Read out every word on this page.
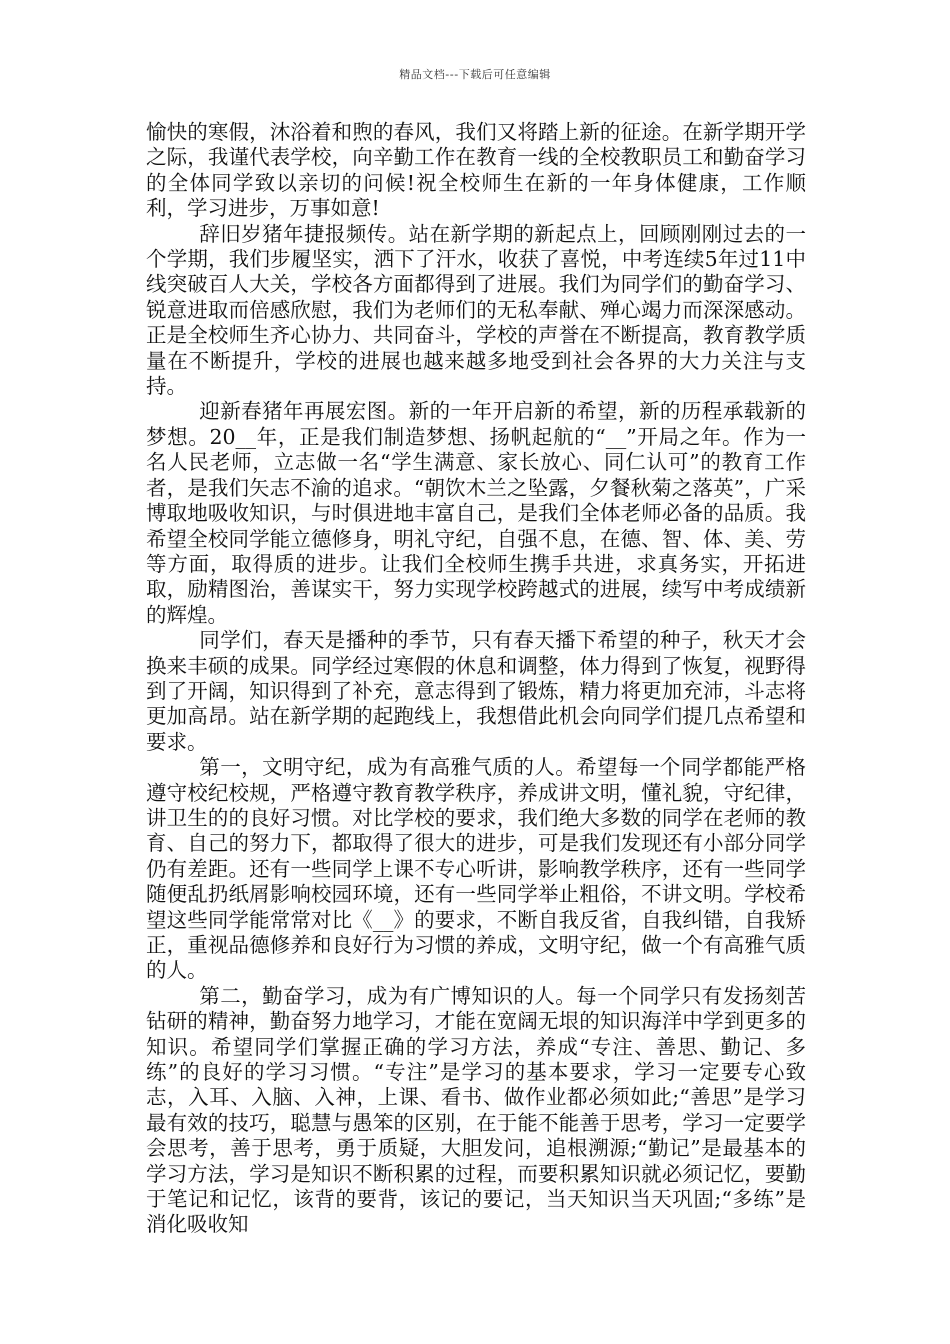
精品文档---下载后可任意编辑

愉快的寒假，沐浴着和煦的春风，我们又将踏上新的征途。在新学期开学之际，我谨代表学校，向辛勤工作在教育一线的全校教职员工和勤奋学习的全体同学致以亲切的问候!祝全校师生在新的一年身体健康，工作顺利，学习进步，万事如意!

辞旧岁猪年捷报频传。站在新学期的新起点上，回顾刚刚过去的一个学期，我们步履坚实，洒下了汗水，收获了喜悦，中考连续5年过11中线突破百人大关，学校各方面都得到了进展。我们为同学们的勤奋学习、锐意进取而倍感欣慰，我们为老师们的无私奉献、殚心竭力而深深感动。正是全校师生齐心协力、共同奋斗，学校的声誉在不断提高，教育教学质量在不断提升，学校的进展也越来越多地受到社会各界的大力关注与支持。

迎新春猪年再展宏图。新的一年开启新的希望，新的历程承载新的梦想。20__年，正是我们制造梦想、扬帆起航的“__”开局之年。作为一名人民老师，立志做一名“学生满意、家长放心、同仁认可”的教育工作者，是我们矢志不渝的追求。“朝饮木兰之坠露，夕餐秋菊之落英”，广采博取地吸收知识，与时俱进地丰富自己，是我们全体老师必备的品质。我希望全校同学能立德修身，明礼守纪，自强不息，在德、智、体、美、劳等方面，取得质的进步。让我们全校师生携手共进，求真务实，开拓进取，励精图治，善谋实干，努力实现学校跨越式的进展，续写中考成绩新的辉煌。

同学们，春天是播种的季节，只有春天播下希望的种子，秋天才会换来丰硕的成果。同学经过寒假的休息和调整，体力得到了恢复，视野得到了开阔，知识得到了补充，意志得到了锻炼，精力将更加充沛，斗志将更加高昂。站在新学期的起跑线上，我想借此机会向同学们提几点希望和要求。

第一，文明守纪，成为有高雅气质的人。希望每一个同学都能严格遵守校纪校规，严格遵守教育教学秩序，养成讲文明，懂礼貌，守纪律，讲卫生的的良好习惯。对比学校的要求，我们绝大多数的同学在老师的教育、自己的努力下，都取得了很大的进步，可是我们发现还有小部分同学仍有差距。还有一些同学上课不专心听讲，影响教学秩序，还有一些同学随便乱扔纸屑影响校园环境，还有一些同学举止粗俗，不讲文明。学校希望这些同学能常常对比《__》的要求，不断自我反省，自我纠错，自我矫正，重视品德修养和良好行为习惯的养成，文明守纪，做一个有高雅气质的人。

第二，勤奋学习，成为有广博知识的人。每一个同学只有发扬刻苦钻研的精神，勤奋努力地学习，才能在宽阔无垠的知识海洋中学到更多的知识。希望同学们掌握正确的学习方法，养成“专注、善思、勤记、多练”的良好的学习习惯。“专注”是学习的基本要求，学习一定要专心致志，入耳、入脑、入神，上课、看书、做作业都必须如此;“善思”是学习最有效的技巧，聪慧与愚笨的区别，在于能不能善于思考，学习一定要学会思考，善于思考，勇于质疑，大胆发问，追根溯源;“勤记”是最基本的学习方法，学习是知识不断积累的过程，而要积累知识就必须记忆，要勤于笔记和记忆，该背的要背，该记的要记，当天知识当天巩固;“多练”是消化吸收知
